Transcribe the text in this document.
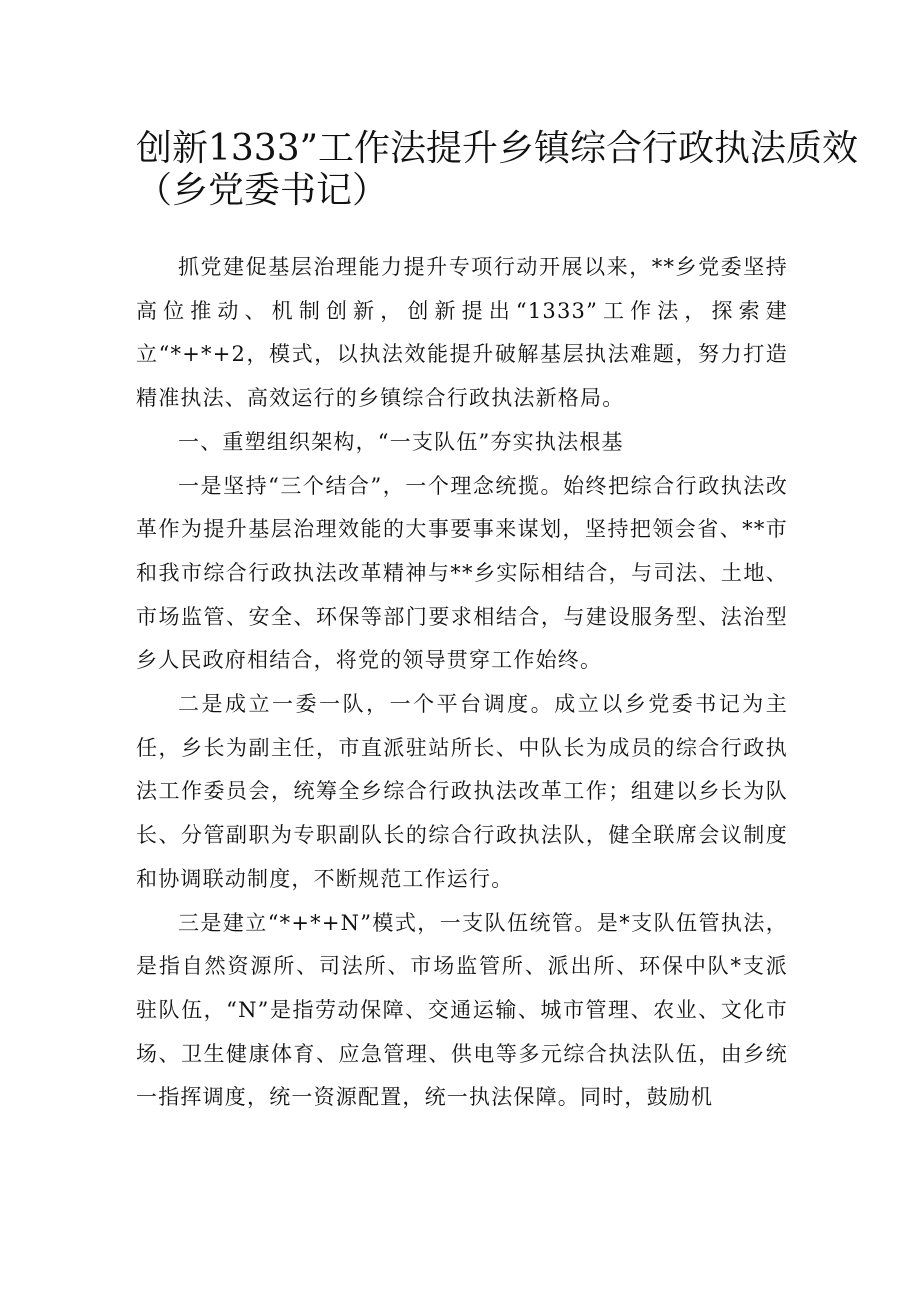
创新1333”工作法提升乡镇综合行政执法质效
（乡党委书记）

抓党建促基层治理能力提升专项行动开展以来，**乡党委坚持高位推动、机制创新，创新提出“1333”工作法，探索建立“*+*+2，模式，以执法效能提升破解基层执法难题，努力打造精准执法、高效运行的乡镇综合行政执法新格局。

一、重塑组织架构，“一支队伍”夯实执法根基

一是坚持“三个结合”，一个理念统揽。始终把综合行政执法改革作为提升基层治理效能的大事要事来谋划，坚持把领会省、**市和我市综合行政执法改革精神与**乡实际相结合，与司法、土地、市场监管、安全、环保等部门要求相结合，与建设服务型、法治型乡人民政府相结合，将党的领导贯穿工作始终。

二是成立一委一队，一个平台调度。成立以乡党委书记为主任，乡长为副主任，市直派驻站所长、中队长为成员的综合行政执法工作委员会，统筹全乡综合行政执法改革工作；组建以乡长为队长、分管副职为专职副队长的综合行政执法队，健全联席会议制度和协调联动制度，不断规范工作运行。

三是建立“*+*+N”模式，一支队伍统管。是*支队伍管执法，是指自然资源所、司法所、市场监管所、派出所、环保中队*支派驻队伍，“N”是指劳动保障、交通运输、城市管理、农业、文化市场、卫生健康体育、应急管理、供电等多元综合执法队伍，由乡统一指挥调度，统一资源配置，统一执法保障。同时，鼓励机
